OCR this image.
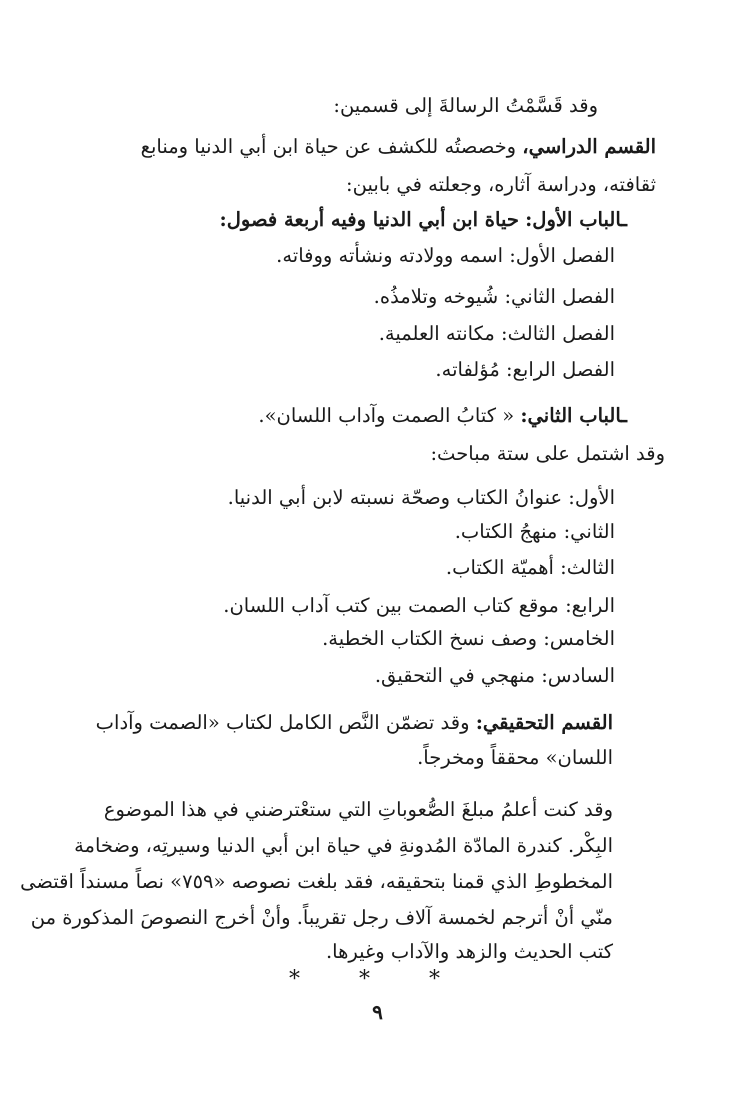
وقد قَسَّمْتُ الرسالةَ إلى قسمين:
القسم الدراسي، وخصصتُه للكشف عن حياة ابن أبي الدنيا ومنابع
ثقافته، ودراسة آثاره، وجعلته في بابين:
ـالباب الأول: حياة ابن أبي الدنيا وفيه أربعة فصول:
الفصل الأول: اسمه وولادته ونشأته ووفاته.
الفصل الثاني: شُيوخه وتلامذُه.
الفصل الثالث: مكانته العلمية.
الفصل الرابع: مُؤلفاته.
ـالباب الثاني: « كتابُ الصمت وآداب اللسان».
وقد اشتمل على ستة مباحث:
الأول: عنوانُ الكتاب وصحّة نسبته لابن أبي الدنيا.
الثاني: منهجُ الكتاب.
الثالث: أهميّة الكتاب.
الرابع: موقع كتاب الصمت بين كتب آداب اللسان.
الخامس: وصف نسخ الكتاب الخطية.
السادس: منهجي في التحقيق.
القسم التحقيقي: وقد تضمّن النَّص الكامل لكتاب «الصمت وآداب
اللسان» محققاً ومخرجاً.
وقد كنت أعلمُ مبلغَ الصُّعوباتِ التي ستعْترضني في هذا الموضوع
البِكْر. كندرة المادّة المُدونةِ في حياة ابن أبي الدنيا وسيرتِه، وضخامة
المخطوطِ الذي قمنا بتحقيقه، فقد بلغت نصوصه «٧٥٩» نصاً مسنداً اقتضى
منّي أنْ أترجم لخمسة آلاف رجل تقريباً. وأنْ أخرج النصوصَ المذكورة من
كتب الحديث والزهد والآداب وغيرها.
* * *
٩
